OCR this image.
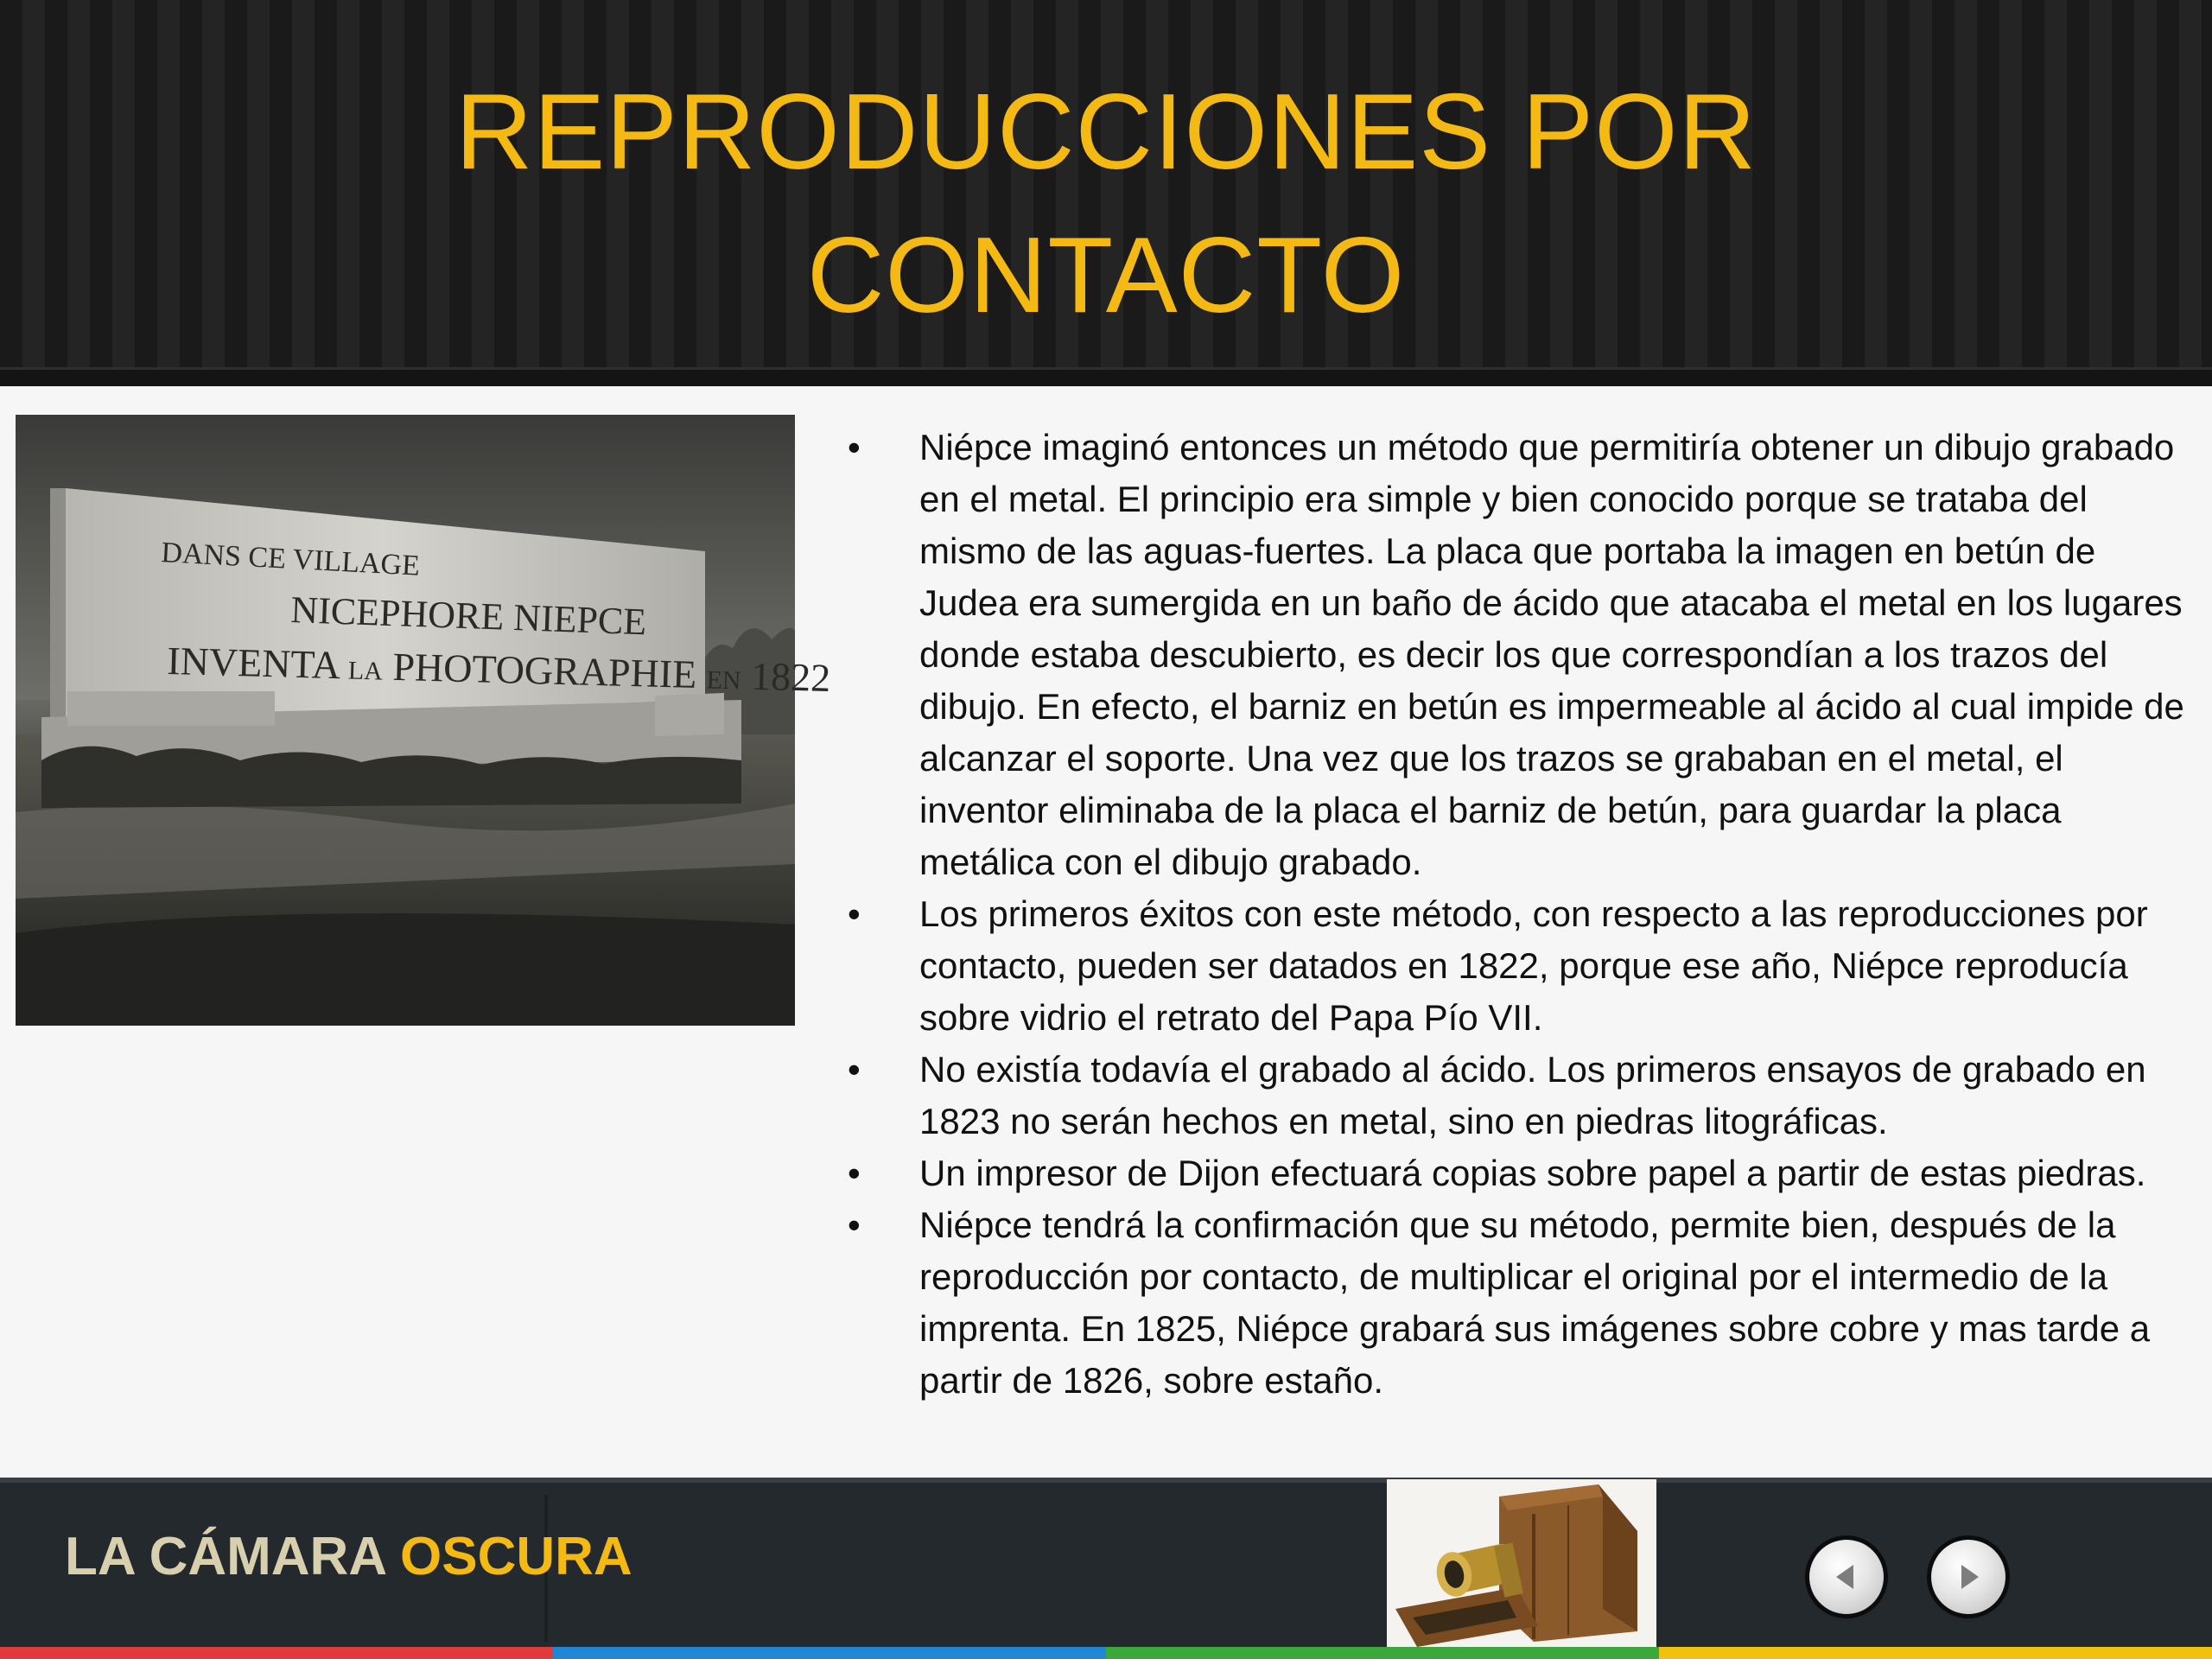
REPRODUCCIONES POR
CONTACTO
DANS CE VILLAGE
NICEPHORE NIEPCE
INVENTA LA PHOTOGRAPHIE EN 1822
• Niépce imaginó entonces un método que permitiría obtener un dibujo grabado en el metal. El principio era simple y bien conocido porque se trataba del mismo de las aguas-fuertes. La placa que portaba la imagen en betún de Judea era sumergida en un baño de ácido que atacaba el metal en los lugares donde estaba descubierto, es decir los que correspondían a los trazos del dibujo. En efecto, el barniz en betún es impermeable al ácido al cual impide de alcanzar el soporte. Una vez que los trazos se grababan en el metal, el inventor eliminaba de la placa el barniz de betún, para guardar la placa metálica con el dibujo grabado.
• Los primeros éxitos con este método, con respecto a las reproducciones por contacto, pueden ser datados en 1822, porque ese año, Niépce reproducía sobre vidrio el retrato del Papa Pío VII.
• No existía todavía el grabado al ácido. Los primeros ensayos de grabado en 1823 no serán hechos en metal, sino en piedras litográficas.
• Un impresor de Dijon efectuará copias sobre papel a partir de estas piedras.
• Niépce tendrá la confirmación que su método, permite bien, después de la reproducción por contacto, de multiplicar el original por el intermedio de la imprenta. En 1825, Niépce grabará sus imágenes sobre cobre y mas tarde a partir de 1826, sobre estaño.
LA CÁMARA OSCURA
